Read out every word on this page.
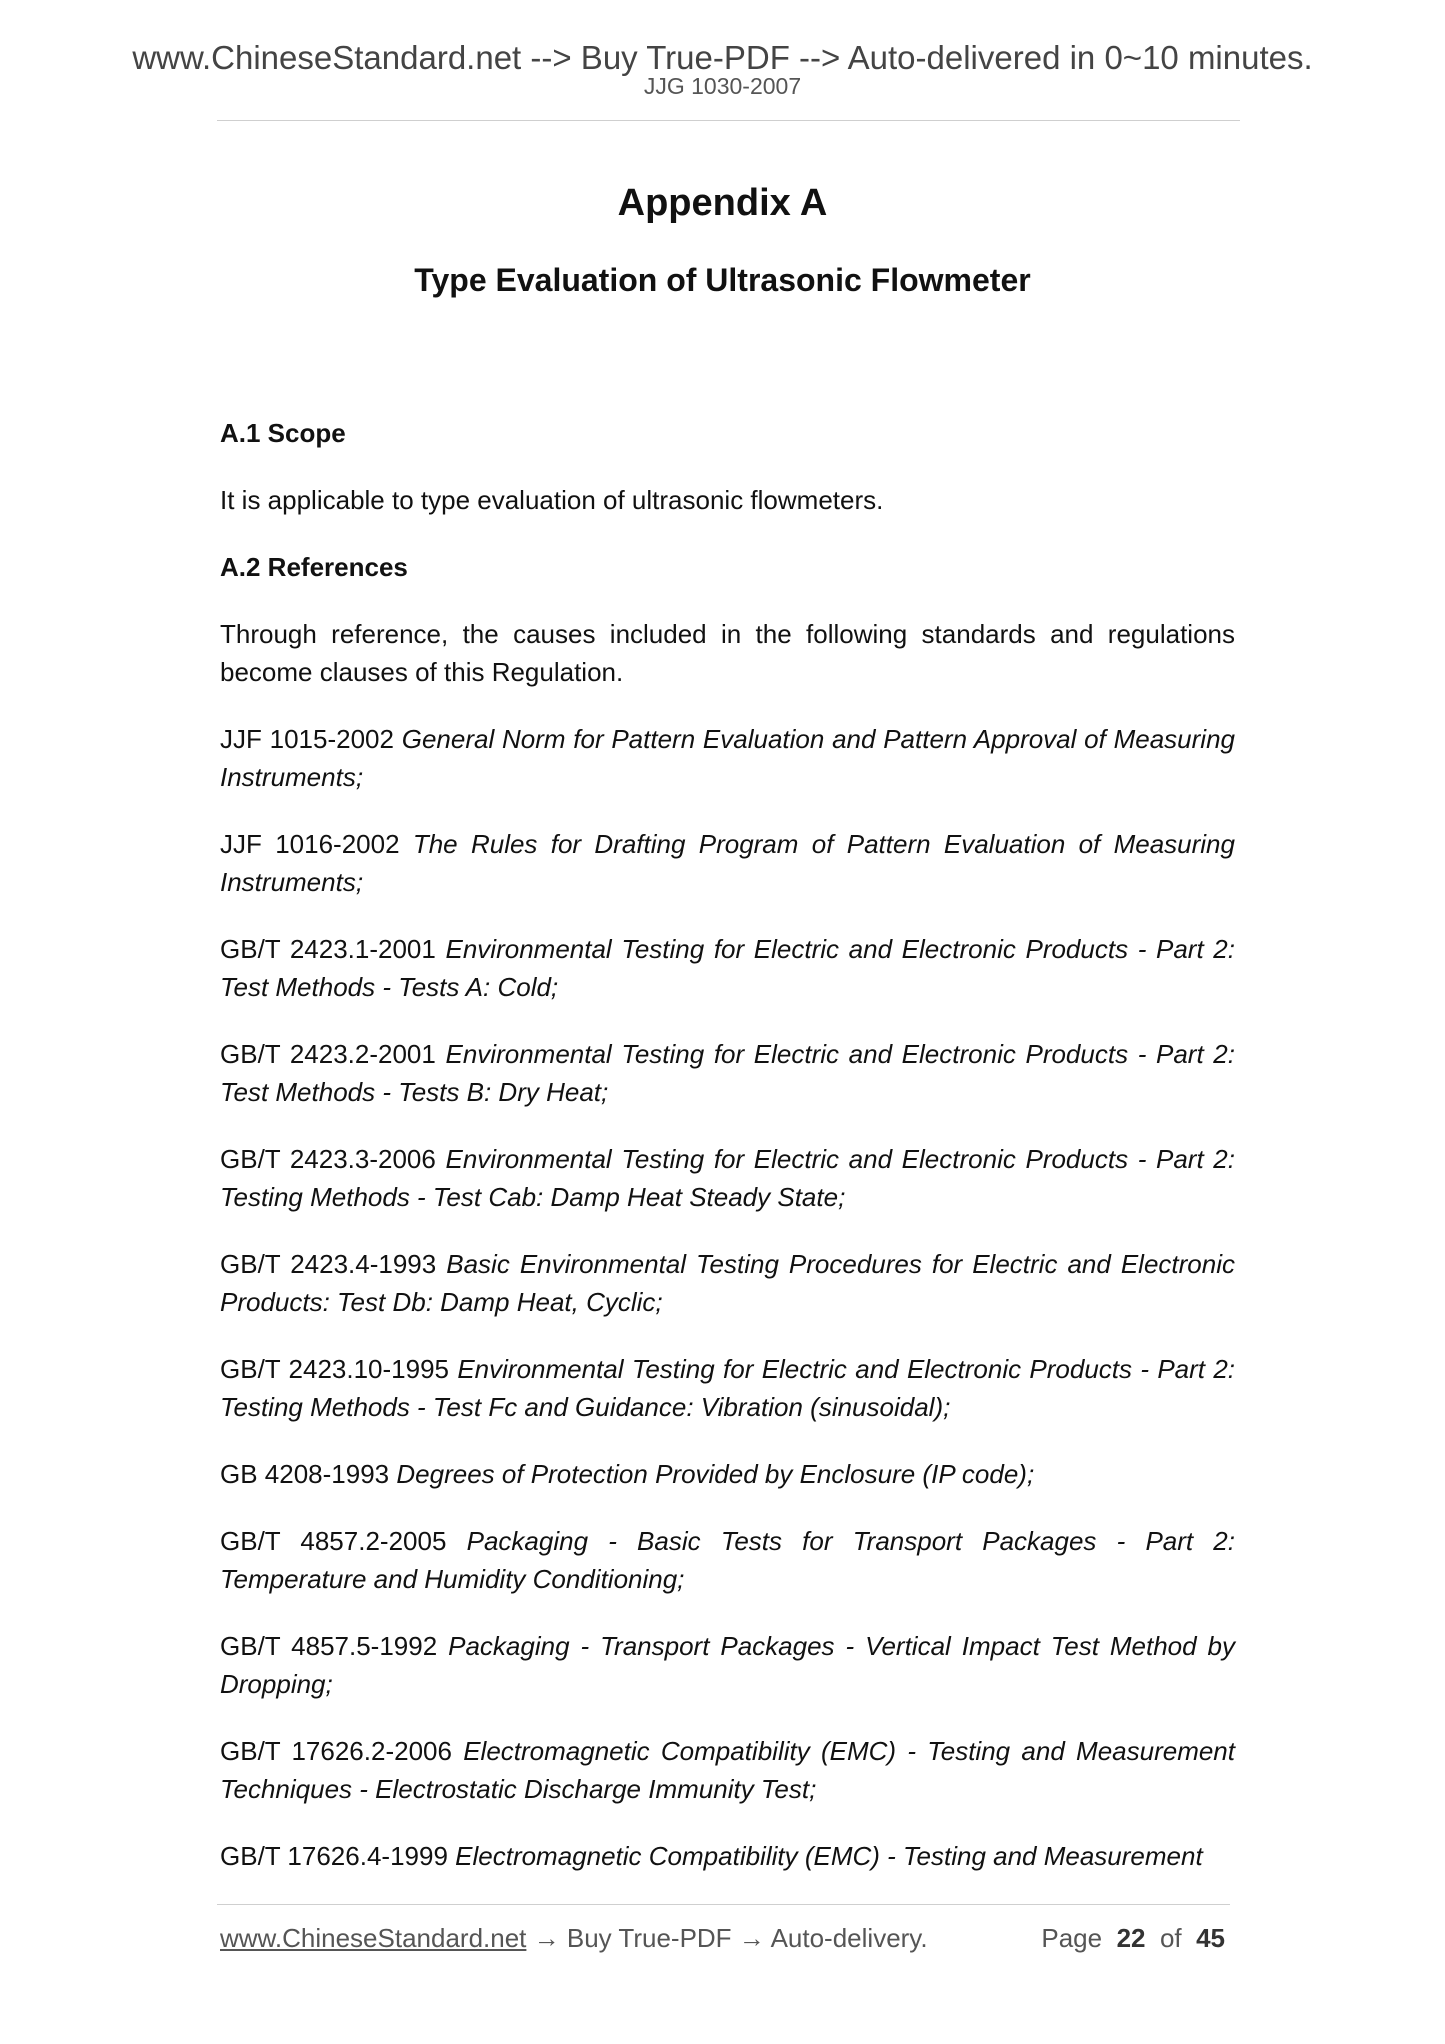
www.ChineseStandard.net --> Buy True-PDF --> Auto-delivered in 0~10 minutes.
JJG 1030-2007
Appendix A
Type Evaluation of Ultrasonic Flowmeter

A.1 Scope

It is applicable to type evaluation of ultrasonic flowmeters.

A.2 References

Through reference, the causes included in the following standards and regulations become clauses of this Regulation.

JJF 1015-2002 General Norm for Pattern Evaluation and Pattern Approval of Measuring Instruments;

JJF 1016-2002 The Rules for Drafting Program of Pattern Evaluation of Measuring Instruments;

GB/T 2423.1-2001 Environmental Testing for Electric and Electronic Products - Part 2: Test Methods - Tests A: Cold;

GB/T 2423.2-2001 Environmental Testing for Electric and Electronic Products - Part 2: Test Methods - Tests B: Dry Heat;

GB/T 2423.3-2006 Environmental Testing for Electric and Electronic Products - Part 2: Testing Methods - Test Cab: Damp Heat Steady State;

GB/T 2423.4-1993 Basic Environmental Testing Procedures for Electric and Electronic Products: Test Db: Damp Heat, Cyclic;

GB/T 2423.10-1995 Environmental Testing for Electric and Electronic Products - Part 2: Testing Methods - Test Fc and Guidance: Vibration (sinusoidal);

GB 4208-1993 Degrees of Protection Provided by Enclosure (IP code);

GB/T 4857.2-2005 Packaging - Basic Tests for Transport Packages - Part 2: Temperature and Humidity Conditioning;

GB/T 4857.5-1992 Packaging - Transport Packages - Vertical Impact Test Method by Dropping;

GB/T 17626.2-2006 Electromagnetic Compatibility (EMC) - Testing and Measurement Techniques - Electrostatic Discharge Immunity Test;

GB/T 17626.4-1999 Electromagnetic Compatibility (EMC) - Testing and Measurement

www.ChineseStandard.net → Buy True-PDF → Auto-delivery.	Page 22 of 45
